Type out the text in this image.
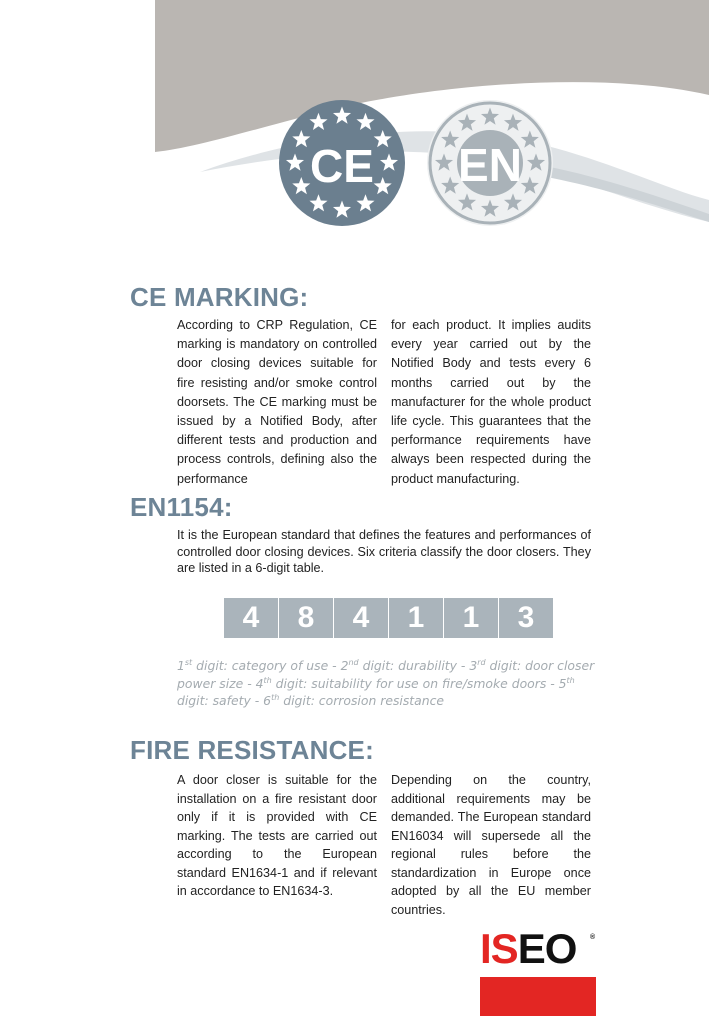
CE EN
CE MARKING:

According to CRP Regulation, CE marking is mandatory on controlled door closing devices suitable for fire resisting and/or smoke control doorsets. The CE marking must be issued by a Notified Body, after different tests and production and process controls, defining also the performance

for each product. It implies audits every year carried out by the Notified Body and tests every 6 months carried out by the manufacturer for the whole product life cycle. This guarantees that the performance requirements have always been respected during the product manufacturing.

EN1154:

It is the European standard that defines the features and performances of controlled door closing devices. Six criteria classify the door closers. They are listed in a 6-digit table.

4	8	4	1	1	3

1st digit: category of use - 2nd digit: durability - 3rd digit: door closer power size - 4th digit: suitability for use on fire/smoke doors - 5th digit: safety - 6th digit: corrosion resistance

FIRE RESISTANCE:

A door closer is suitable for the installation on a fire resistant door only if it is provided with CE marking. The tests are carried out according to the European standard EN1634-1 and if relevant in accordance to EN1634-3.

Depending on the country, additional requirements may be demanded. The European standard EN16034 will supersede all the regional rules before the standardization in Europe once adopted by all the EU member countries.

ISEO	®
